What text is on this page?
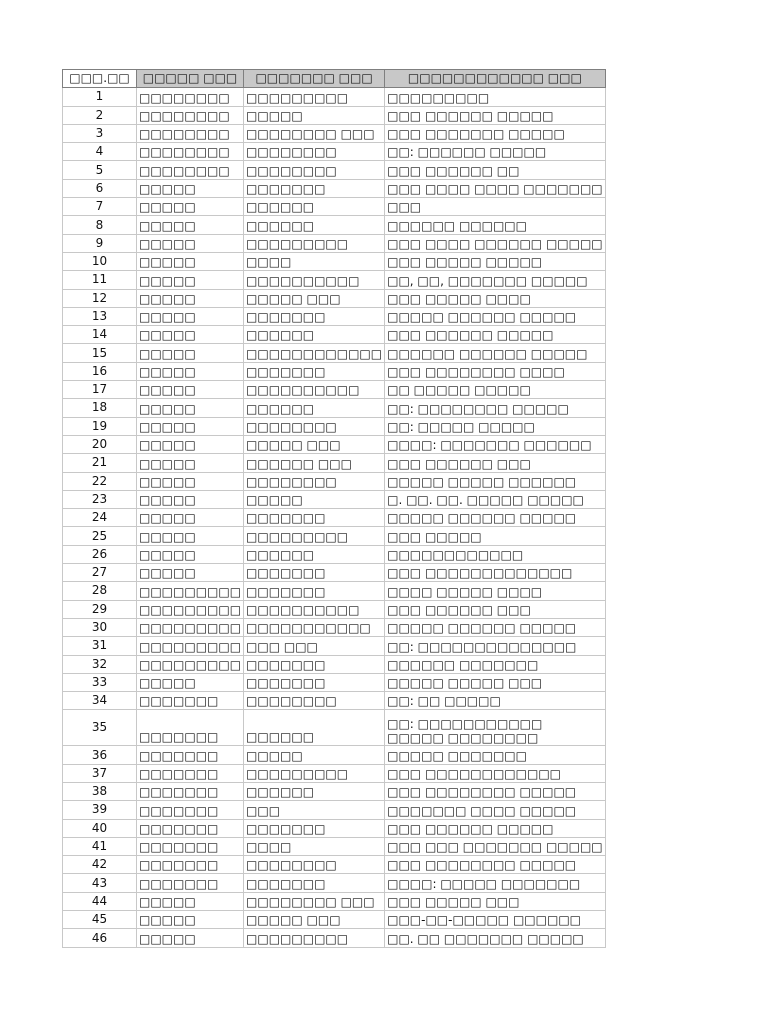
□□□.□□	□□□□□ □□□	□□□□□□□ □□□	□□□□□□□□□□□□ □□□
1	□□□□□□□□	□□□□□□□□□	□□□□□□□□□
2	□□□□□□□□	□□□□□	□□□ □□□□□□ □□□□□
3	□□□□□□□□	□□□□□□□□ □□□	□□□ □□□□□□□ □□□□□
4	□□□□□□□□	□□□□□□□□	□□: □□□□□□ □□□□□
5	□□□□□□□□	□□□□□□□□	□□□ □□□□□□ □□
6	□□□□□	□□□□□□□	□□□ □□□□ □□□□ □□□□□□□
7	□□□□□	□□□□□□	□□□
8	□□□□□	□□□□□□	□□□□□□ □□□□□□
9	□□□□□	□□□□□□□□□	□□□ □□□□ □□□□□□ □□□□□
10	□□□□□	□□□□	□□□ □□□□□ □□□□□
11	□□□□□	□□□□□□□□□□	□□, □□, □□□□□□□ □□□□□
12	□□□□□	□□□□□ □□□	□□□ □□□□□ □□□□
13	□□□□□	□□□□□□□	□□□□□ □□□□□□ □□□□□
14	□□□□□	□□□□□□	□□□ □□□□□□ □□□□□
15	□□□□□	□□□□□□□□□□□□	□□□□□□ □□□□□□ □□□□□
16	□□□□□	□□□□□□□	□□□ □□□□□□□□ □□□□
17	□□□□□	□□□□□□□□□□	□□ □□□□□ □□□□□
18	□□□□□	□□□□□□	□□: □□□□□□□□ □□□□□
19	□□□□□	□□□□□□□□	□□: □□□□□ □□□□□
20	□□□□□	□□□□□ □□□	□□□□: □□□□□□□ □□□□□□
21	□□□□□	□□□□□□ □□□	□□□ □□□□□□ □□□
22	□□□□□	□□□□□□□□	□□□□□ □□□□□ □□□□□□
23	□□□□□	□□□□□	□. □□. □□. □□□□□ □□□□□
24	□□□□□	□□□□□□□	□□□□□ □□□□□□ □□□□□
25	□□□□□	□□□□□□□□□	□□□ □□□□□
26	□□□□□	□□□□□□	□□□□□□□□□□□□
27	□□□□□	□□□□□□□	□□□ □□□□□□□□□□□□□
28	□□□□□□□□□	□□□□□□□	□□□□ □□□□□ □□□□
29	□□□□□□□□□	□□□□□□□□□□	□□□ □□□□□□ □□□
30	□□□□□□□□□	□□□□□□□□□□□	□□□□□ □□□□□□ □□□□□
31	□□□□□□□□□	□□□ □□□	□□: □□□□□□□□□□□□□□
32	□□□□□□□□□	□□□□□□□	□□□□□□ □□□□□□□
33	□□□□□	□□□□□□□	□□□□□ □□□□□ □□□
34	□□□□□□□	□□□□□□□□	□□: □□ □□□□□
35	□□□□□□□	□□□□□□	□□: □□□□□□□□□□□ □□□□□ □□□□□□□□
36	□□□□□□□	□□□□□	□□□□□ □□□□□□□
37	□□□□□□□	□□□□□□□□□	□□□ □□□□□□□□□□□□
38	□□□□□□□	□□□□□□	□□□ □□□□□□□□ □□□□□
39	□□□□□□□	□□□	□□□□□□□ □□□□ □□□□□
40	□□□□□□□	□□□□□□□	□□□ □□□□□□ □□□□□
41	□□□□□□□	□□□□	□□□ □□□ □□□□□□□ □□□□□
42	□□□□□□□	□□□□□□□□	□□□ □□□□□□□□ □□□□□
43	□□□□□□□	□□□□□□□	□□□□: □□□□□ □□□□□□□
44	□□□□□	□□□□□□□□ □□□	□□□ □□□□□ □□□
45	□□□□□	□□□□□ □□□	□□□-□□-□□□□□ □□□□□□
46	□□□□□	□□□□□□□□□	□□. □□ □□□□□□□ □□□□□
